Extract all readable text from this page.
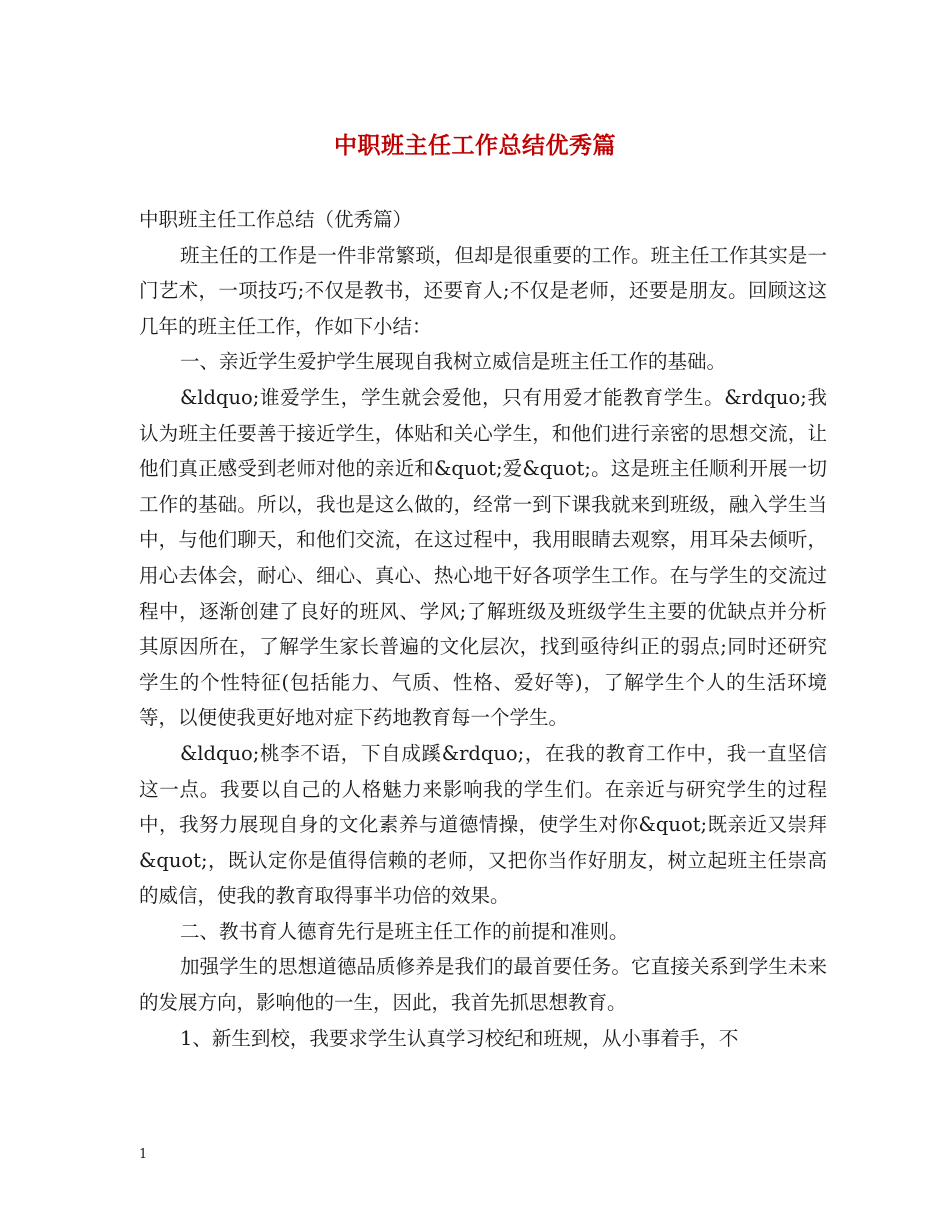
中职班主任工作总结优秀篇

中职班主任工作总结（优秀篇）

班主任的工作是一件非常繁琐，但却是很重要的工作。班主任工作其实是一门艺术，一项技巧;不仅是教书，还要育人;不仅是老师，还要是朋友。回顾这这几年的班主任工作，作如下小结：

一、亲近学生爱护学生展现自我树立威信是班主任工作的基础。

&ldquo;谁爱学生，学生就会爱他，只有用爱才能教育学生。&rdquo;我认为班主任要善于接近学生，体贴和关心学生，和他们进行亲密的思想交流，让他们真正感受到老师对他的亲近和&quot;爱&quot;。这是班主任顺利开展一切工作的基础。所以，我也是这么做的，经常一到下课我就来到班级，融入学生当中，与他们聊天，和他们交流，在这过程中，我用眼睛去观察，用耳朵去倾听，用心去体会，耐心、细心、真心、热心地干好各项学生工作。在与学生的交流过程中，逐渐创建了良好的班风、学风;了解班级及班级学生主要的优缺点并分析其原因所在，了解学生家长普遍的文化层次，找到亟待纠正的弱点;同时还研究学生的个性特征(包括能力、气质、性格、爱好等)，了解学生个人的生活环境等，以便使我更好地对症下药地教育每一个学生。

&ldquo;桃李不语，下自成蹊&rdquo;，在我的教育工作中，我一直坚信这一点。我要以自己的人格魅力来影响我的学生们。在亲近与研究学生的过程中，我努力展现自身的文化素养与道德情操，使学生对你&quot;既亲近又崇拜&quot;，既认定你是值得信赖的老师，又把你当作好朋友，树立起班主任崇高的威信，使我的教育取得事半功倍的效果。

二、教书育人德育先行是班主任工作的前提和准则。

加强学生的思想道德品质修养是我们的最首要任务。它直接关系到学生未来的发展方向，影响他的一生，因此，我首先抓思想教育。

1、新生到校，我要求学生认真学习校纪和班规，从小事着手，不

1
